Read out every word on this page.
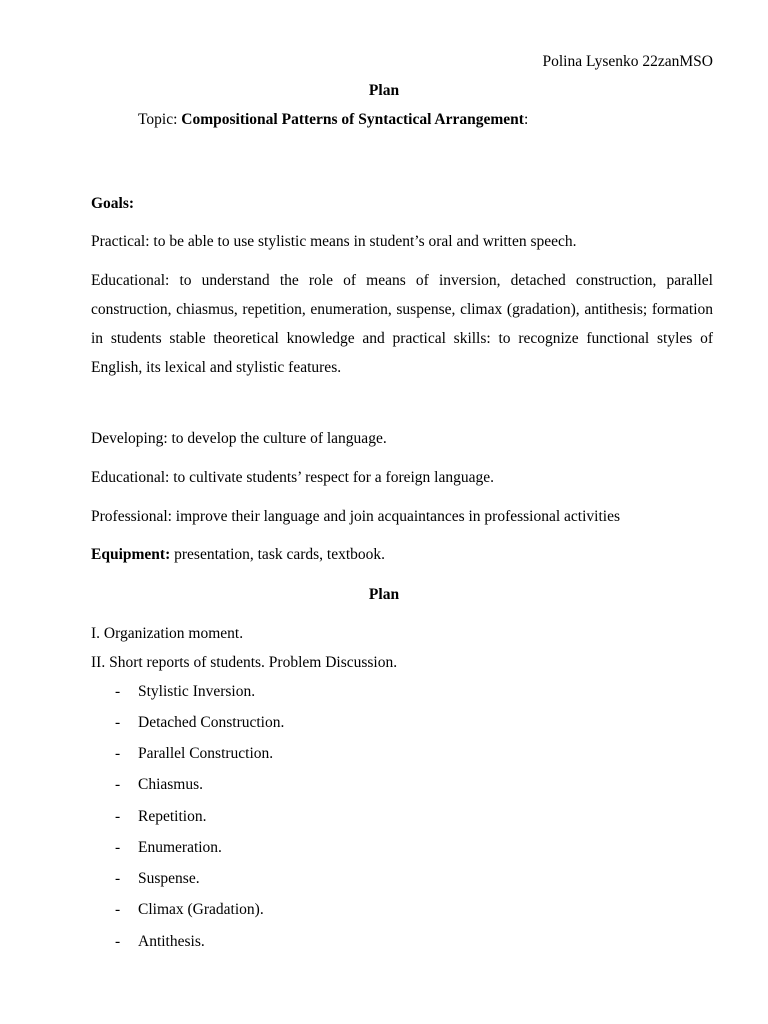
Polina Lysenko 22zanMSO
Plan
Topic: Compositional Patterns of Syntactical Arrangement:
Goals:
Practical: to be able to use stylistic means in student’s oral and written speech.
Educational: to understand the role of means of inversion, detached construction, parallel construction, chiasmus, repetition, enumeration, suspense, climax (gradation), antithesis; formation in students stable theoretical knowledge and practical skills: to recognize functional styles of English, its lexical and stylistic features.
Developing: to develop the culture of language.
Educational: to cultivate students’ respect for a foreign language.
Professional: improve their language and join acquaintances in professional activities
Equipment: presentation, task cards, textbook.
Plan
I. Organization moment.
II. Short reports of students. Problem Discussion.
- Stylistic Inversion.
- Detached Construction.
- Parallel Construction.
- Chiasmus.
- Repetition.
- Enumeration.
- Suspense.
- Climax (Gradation).
- Antithesis.
